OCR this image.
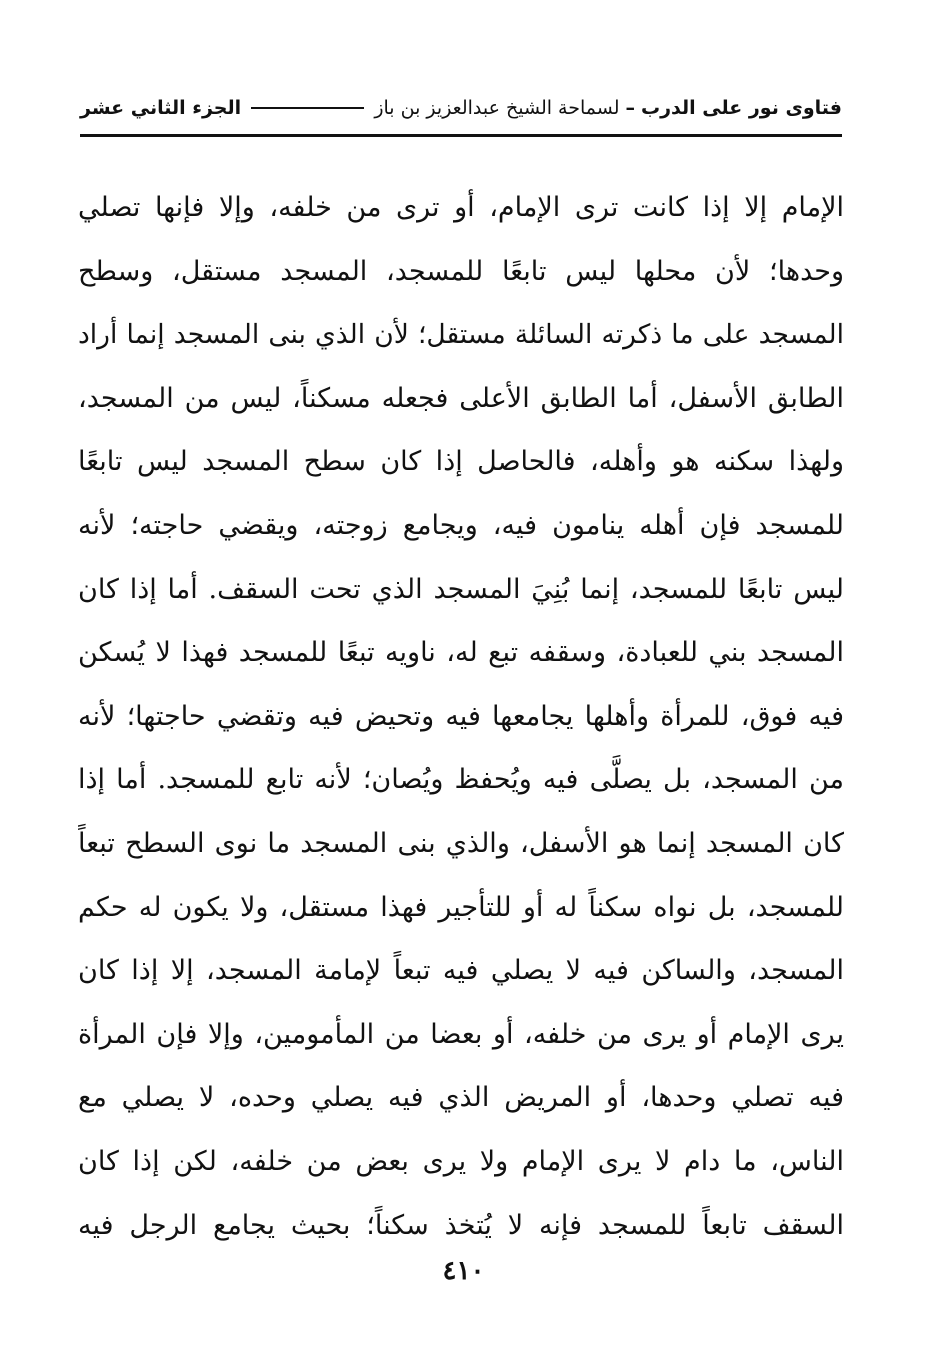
فتاوى نور على الدرب
–
لسماحة الشيخ عبدالعزيز بن باز
الجزء الثاني عشر
الإمام إلا إذا كانت ترى الإمام، أو ترى من خلفه، وإلا فإنها تصلي
وحدها؛ لأن محلها ليس تابعًا للمسجد، المسجد مستقل، وسطح
المسجد على ما ذكرته السائلة مستقل؛ لأن الذي بنى المسجد إنما أراد
الطابق الأسفل، أما الطابق الأعلى فجعله مسكناً، ليس من المسجد،
ولهذا سكنه هو وأهله، فالحاصل إذا كان سطح المسجد ليس تابعًا
للمسجد فإن أهله ينامون فيه، ويجامع زوجته، ويقضي حاجته؛ لأنه
ليس تابعًا للمسجد، إنما بُنِيَ المسجد الذي تحت السقف. أما إذا كان
المسجد بني للعبادة، وسقفه تبع له، ناويه تبعًا للمسجد فهذا لا يُسكن
فيه فوق، للمرأة وأهلها يجامعها فيه وتحيض فيه وتقضي حاجتها؛ لأنه
من المسجد، بل يصلَّى فيه ويُحفظ ويُصان؛ لأنه تابع للمسجد. أما إذا
كان المسجد إنما هو الأسفل، والذي بنى المسجد ما نوى السطح تبعاً
للمسجد، بل نواه سكناً له أو للتأجير فهذا مستقل، ولا يكون له حكم
المسجد، والساكن فيه لا يصلي فيه تبعاً لإمامة المسجد، إلا إذا كان
يرى الإمام أو يرى من خلفه، أو بعضا من المأمومين، وإلا فإن المرأة
فيه تصلي وحدها، أو المريض الذي فيه يصلي وحده، لا يصلي مع
الناس، ما دام لا يرى الإمام ولا يرى بعض من خلفه، لكن إذا كان
السقف تابعاً للمسجد فإنه لا يُتخذ سكناً؛ بحيث يجامع الرجل فيه
٤١٠
